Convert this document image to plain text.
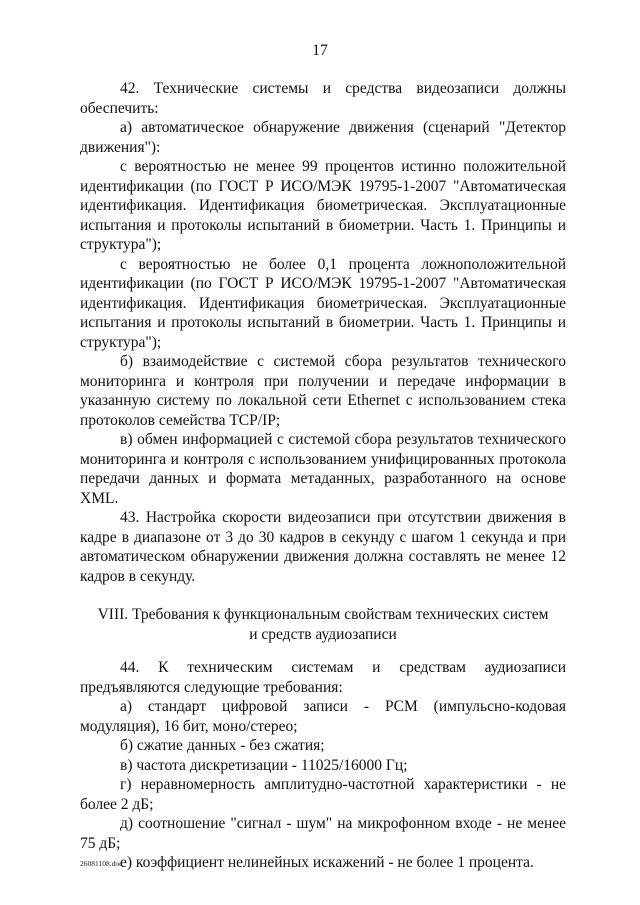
17

42. Технические системы и средства видеозаписи должны обеспечить:

а) автоматическое обнаружение движения (сценарий "Детектор движения"):

с вероятностью не менее 99 процентов истинно положительной идентификации (по ГОСТ Р ИСО/МЭК 19795-1-2007 "Автоматическая идентификация. Идентификация биометрическая. Эксплуатационные испытания и протоколы испытаний в биометрии. Часть 1. Принципы и структура");

с вероятностью не более 0,1 процента ложноположительной идентификации (по ГОСТ Р ИСО/МЭК 19795-1-2007 "Автоматическая идентификация. Идентификация биометрическая. Эксплуатационные испытания и протоколы испытаний в биометрии. Часть 1. Принципы и структура");

б) взаимодействие с системой сбора результатов технического мониторинга и контроля при получении и передаче информации в указанную систему по локальной сети Ethernet с использованием стека протоколов семейства TCP/IP;

в) обмен информацией с системой сбора результатов технического мониторинга и контроля с использованием унифицированных протокола передачи данных и формата метаданных, разработанного на основе XML.

43. Настройка скорости видеозаписи при отсутствии движения в кадре в диапазоне от 3 до 30 кадров в секунду с шагом 1 секунда и при автоматическом обнаружении движения должна составлять не менее 12 кадров в секунду.

VIII. Требования к функциональным свойствам технических систем
и средств аудиозаписи

44. К техническим системам и средствам аудиозаписи предъявляются следующие требования:

а) стандарт цифровой записи - PCM (импульсно-кодовая модуляция), 16 бит, моно/стерео;

б) сжатие данных - без сжатия;

в) частота дискретизации - 11025/16000 Гц;

г) неравномерность амплитудно-частотной характеристики - не более 2 дБ;

д) соотношение "сигнал - шум" на микрофонном входе - не менее 75 дБ;

е) коэффициент нелинейных искажений - не более 1 процента.

26081108.doc
